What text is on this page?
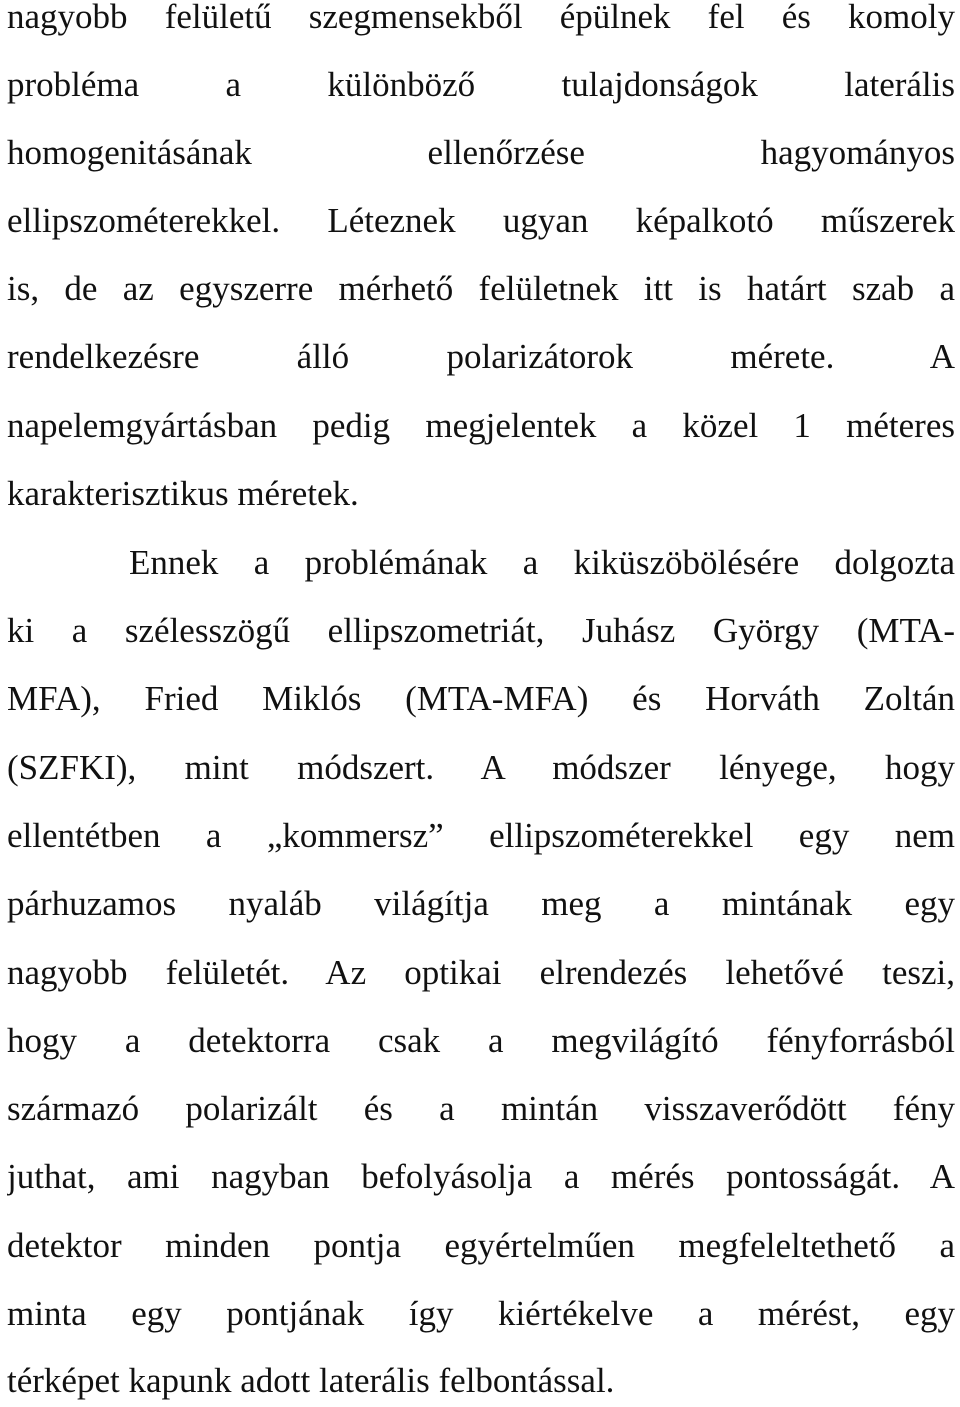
nagyobb felületű szegmensekből épülnek fel és komoly
probléma a különböző tulajdonságok laterális
homogenitásának ellenőrzése hagyományos
ellipszométerekkel. Léteznek ugyan képalkotó műszerek
is, de az egyszerre mérhető felületnek itt is határt szab a
rendelkezésre álló polarizátorok mérete. A
napelemgyártásban pedig megjelentek a közel 1 méteres
karakterisztikus méretek.
Ennek a problémának a kiküszöbölésére dolgozta
ki a szélesszögű ellipszometriát, Juhász György (MTA-
MFA), Fried Miklós (MTA-MFA) és Horváth Zoltán
(SZFKI), mint módszert. A módszer lényege, hogy
ellentétben a „kommersz” ellipszométerekkel egy nem
párhuzamos nyaláb világítja meg a mintának egy
nagyobb felületét. Az optikai elrendezés lehetővé teszi,
hogy a detektorra csak a megvilágító fényforrásból
származó polarizált és a mintán visszaverődött fény
juthat, ami nagyban befolyásolja a mérés pontosságát. A
detektor minden pontja egyértelműen megfeleltethető a
minta egy pontjának így kiértékelve a mérést, egy
térképet kapunk adott laterális felbontással.
